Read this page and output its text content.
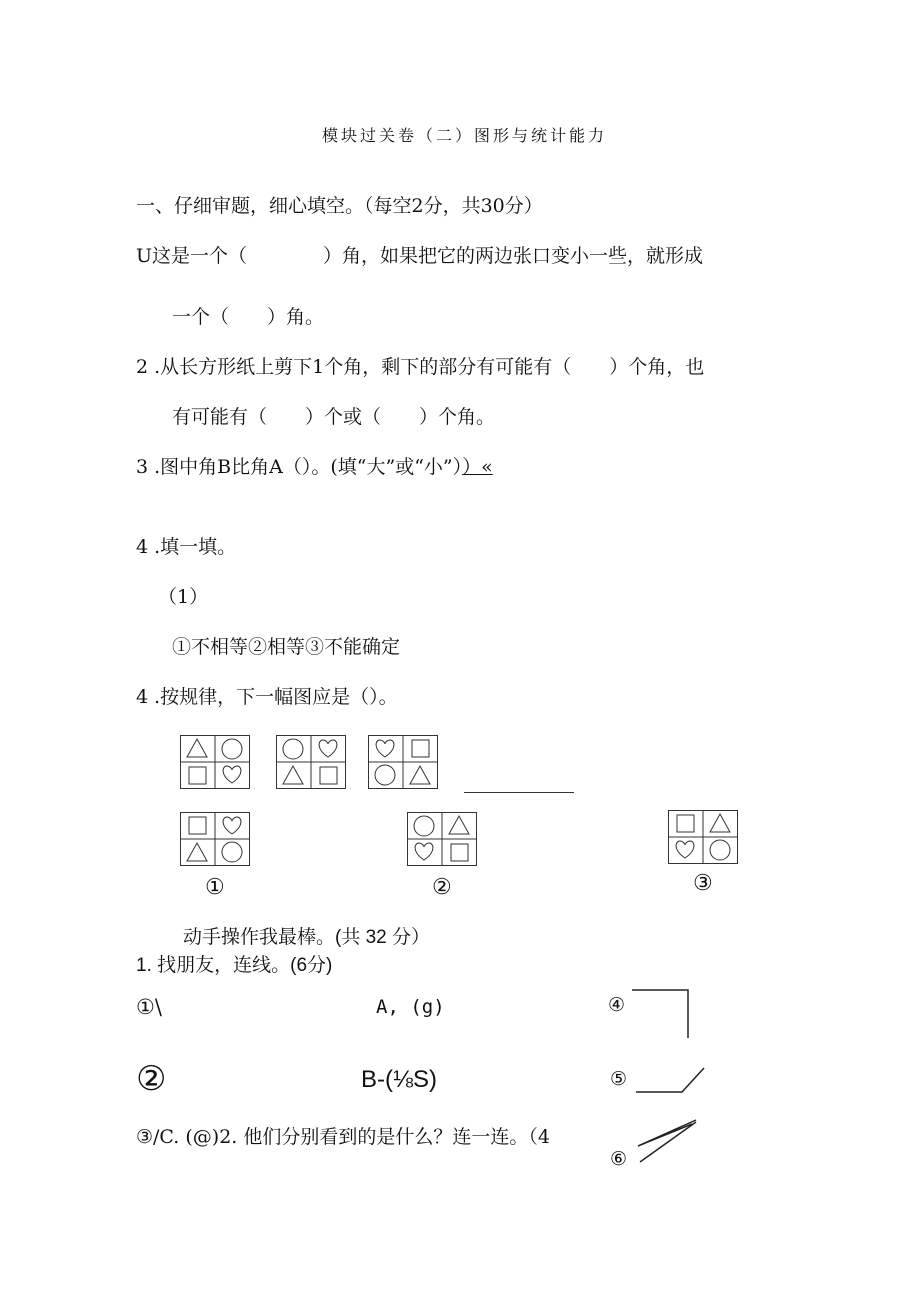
模块过关卷（二）图形与统计能力
一、仔细审题，细心填空。（每空2分，共30分）
U这是一个（　　　　）角，如果把它的两边张口变小一些，就形成
一个（　　）角。
2 .从长方形纸上剪下1个角，剩下的部分有可能有（　　）个角，也
有可能有（　　）个或（　　）个角。
3 .图中角B比角A（）。(填“大”或“小”））«
4 .填一填。
（1）
①不相等②相等③不能确定
4 .按规律，下一幅图应是（）。
①	②	③
动手操作我最棒。(共 32 分）
1. 找朋友，连线。(6分)
①\	A, (g)	④
②	B-(⅛S)	⑤
③/C. (@)2. 他们分别看到的是什么？连一连。（4
⑥
